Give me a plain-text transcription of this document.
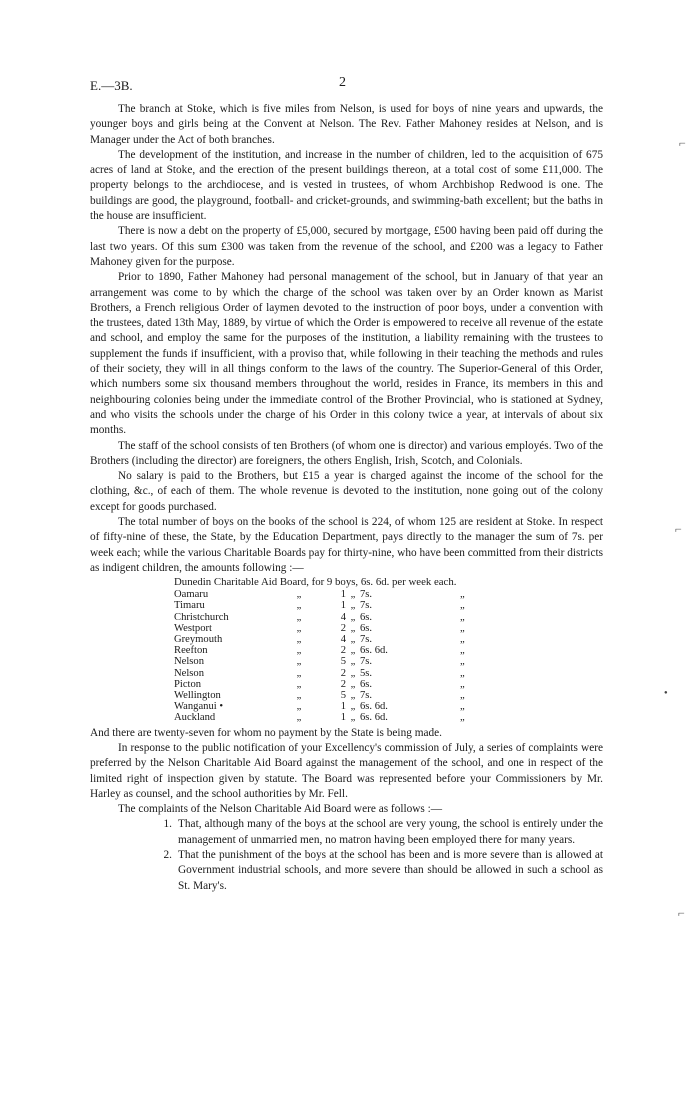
E.—3B.	2

The branch at Stoke, which is five miles from Nelson, is used for boys of nine years and upwards, the younger boys and girls being at the Convent at Nelson. The Rev. Father Mahoney resides at Nelson, and is Manager under the Act of both branches.

The development of the institution, and increase in the number of children, led to the acquisition of 675 acres of land at Stoke, and the erection of the present buildings thereon, at a total cost of some £11,000. The property belongs to the archdiocese, and is vested in trustees, of whom Archbishop Redwood is one. The buildings are good, the playground, football- and cricket-grounds, and swimming-bath excellent; but the baths in the house are insufficient.

There is now a debt on the property of £5,000, secured by mortgage, £500 having been paid off during the last two years. Of this sum £300 was taken from the revenue of the school, and £200 was a legacy to Father Mahoney given for the purpose.

Prior to 1890, Father Mahoney had personal management of the school, but in January of that year an arrangement was come to by which the charge of the school was taken over by an Order known as Marist Brothers, a French religious Order of laymen devoted to the instruction of poor boys, under a convention with the trustees, dated 13th May, 1889, by virtue of which the Order is empowered to receive all revenue of the estate and school, and employ the same for the purposes of the institution, a liability remaining with the trustees to supplement the funds if insufficient, with a proviso that, while following in their teaching the methods and rules of their society, they will in all things conform to the laws of the country. The Superior-General of this Order, which numbers some six thousand members throughout the world, resides in France, its members in this and neighbouring colonies being under the immediate control of the Brother Provincial, who is stationed at Sydney, and who visits the schools under the charge of his Order in this colony twice a year, at intervals of about six months.

The staff of the school consists of ten Brothers (of whom one is director) and various employés. Two of the Brothers (including the director) are foreigners, the others English, Irish, Scotch, and Colonials.

No salary is paid to the Brothers, but £15 a year is charged against the income of the school for the clothing, &c., of each of them. The whole revenue is devoted to the institution, none going out of the colony except for goods purchased.

The total number of boys on the books of the school is 224, of whom 125 are resident at Stoke. In respect of fifty-nine of these, the State, by the Education Department, pays directly to the manager the sum of 7s. per week each; while the various Charitable Boards pay for thirty-nine, who have been committed from their districts as indigent children, the amounts following :—

Dunedin Charitable Aid Board, for 9 boys, 6s. 6d. per week each.
Oamaru	„	1	„	7s.	„
Timaru	„	1	„	7s.	„
Christchurch	„	4	„	6s.	„
Westport	„	2	„	6s.	„
Greymouth	„	4	„	7s.	„
Reefton	„	2	„	6s. 6d.	„
Nelson	„	5	„	7s.	„
Nelson	„	2	„	5s.	„
Picton	„	2	„	6s.	„
Wellington	„	5	„	7s.	„
Wanganui •	„	1	„	6s. 6d.	„
Auckland	„	1	„	6s. 6d.	„

And there are twenty-seven for whom no payment by the State is being made.

In response to the public notification of your Excellency's commission of July, a series of complaints were preferred by the Nelson Charitable Aid Board against the management of the school, and one in respect of the limited right of inspection given by statute. The Board was represented before your Commissioners by Mr. Harley as counsel, and the school authorities by Mr. Fell.

The complaints of the Nelson Charitable Aid Board were as follows :—

1. That, although many of the boys at the school are very young, the school is entirely under the management of unmarried men, no matron having been employed there for many years.
2. That the punishment of the boys at the school has been and is more severe than is allowed at Government industrial schools, and more severe than should be allowed in such a school as St. Mary's.
⌐
⌐
⌐
●
